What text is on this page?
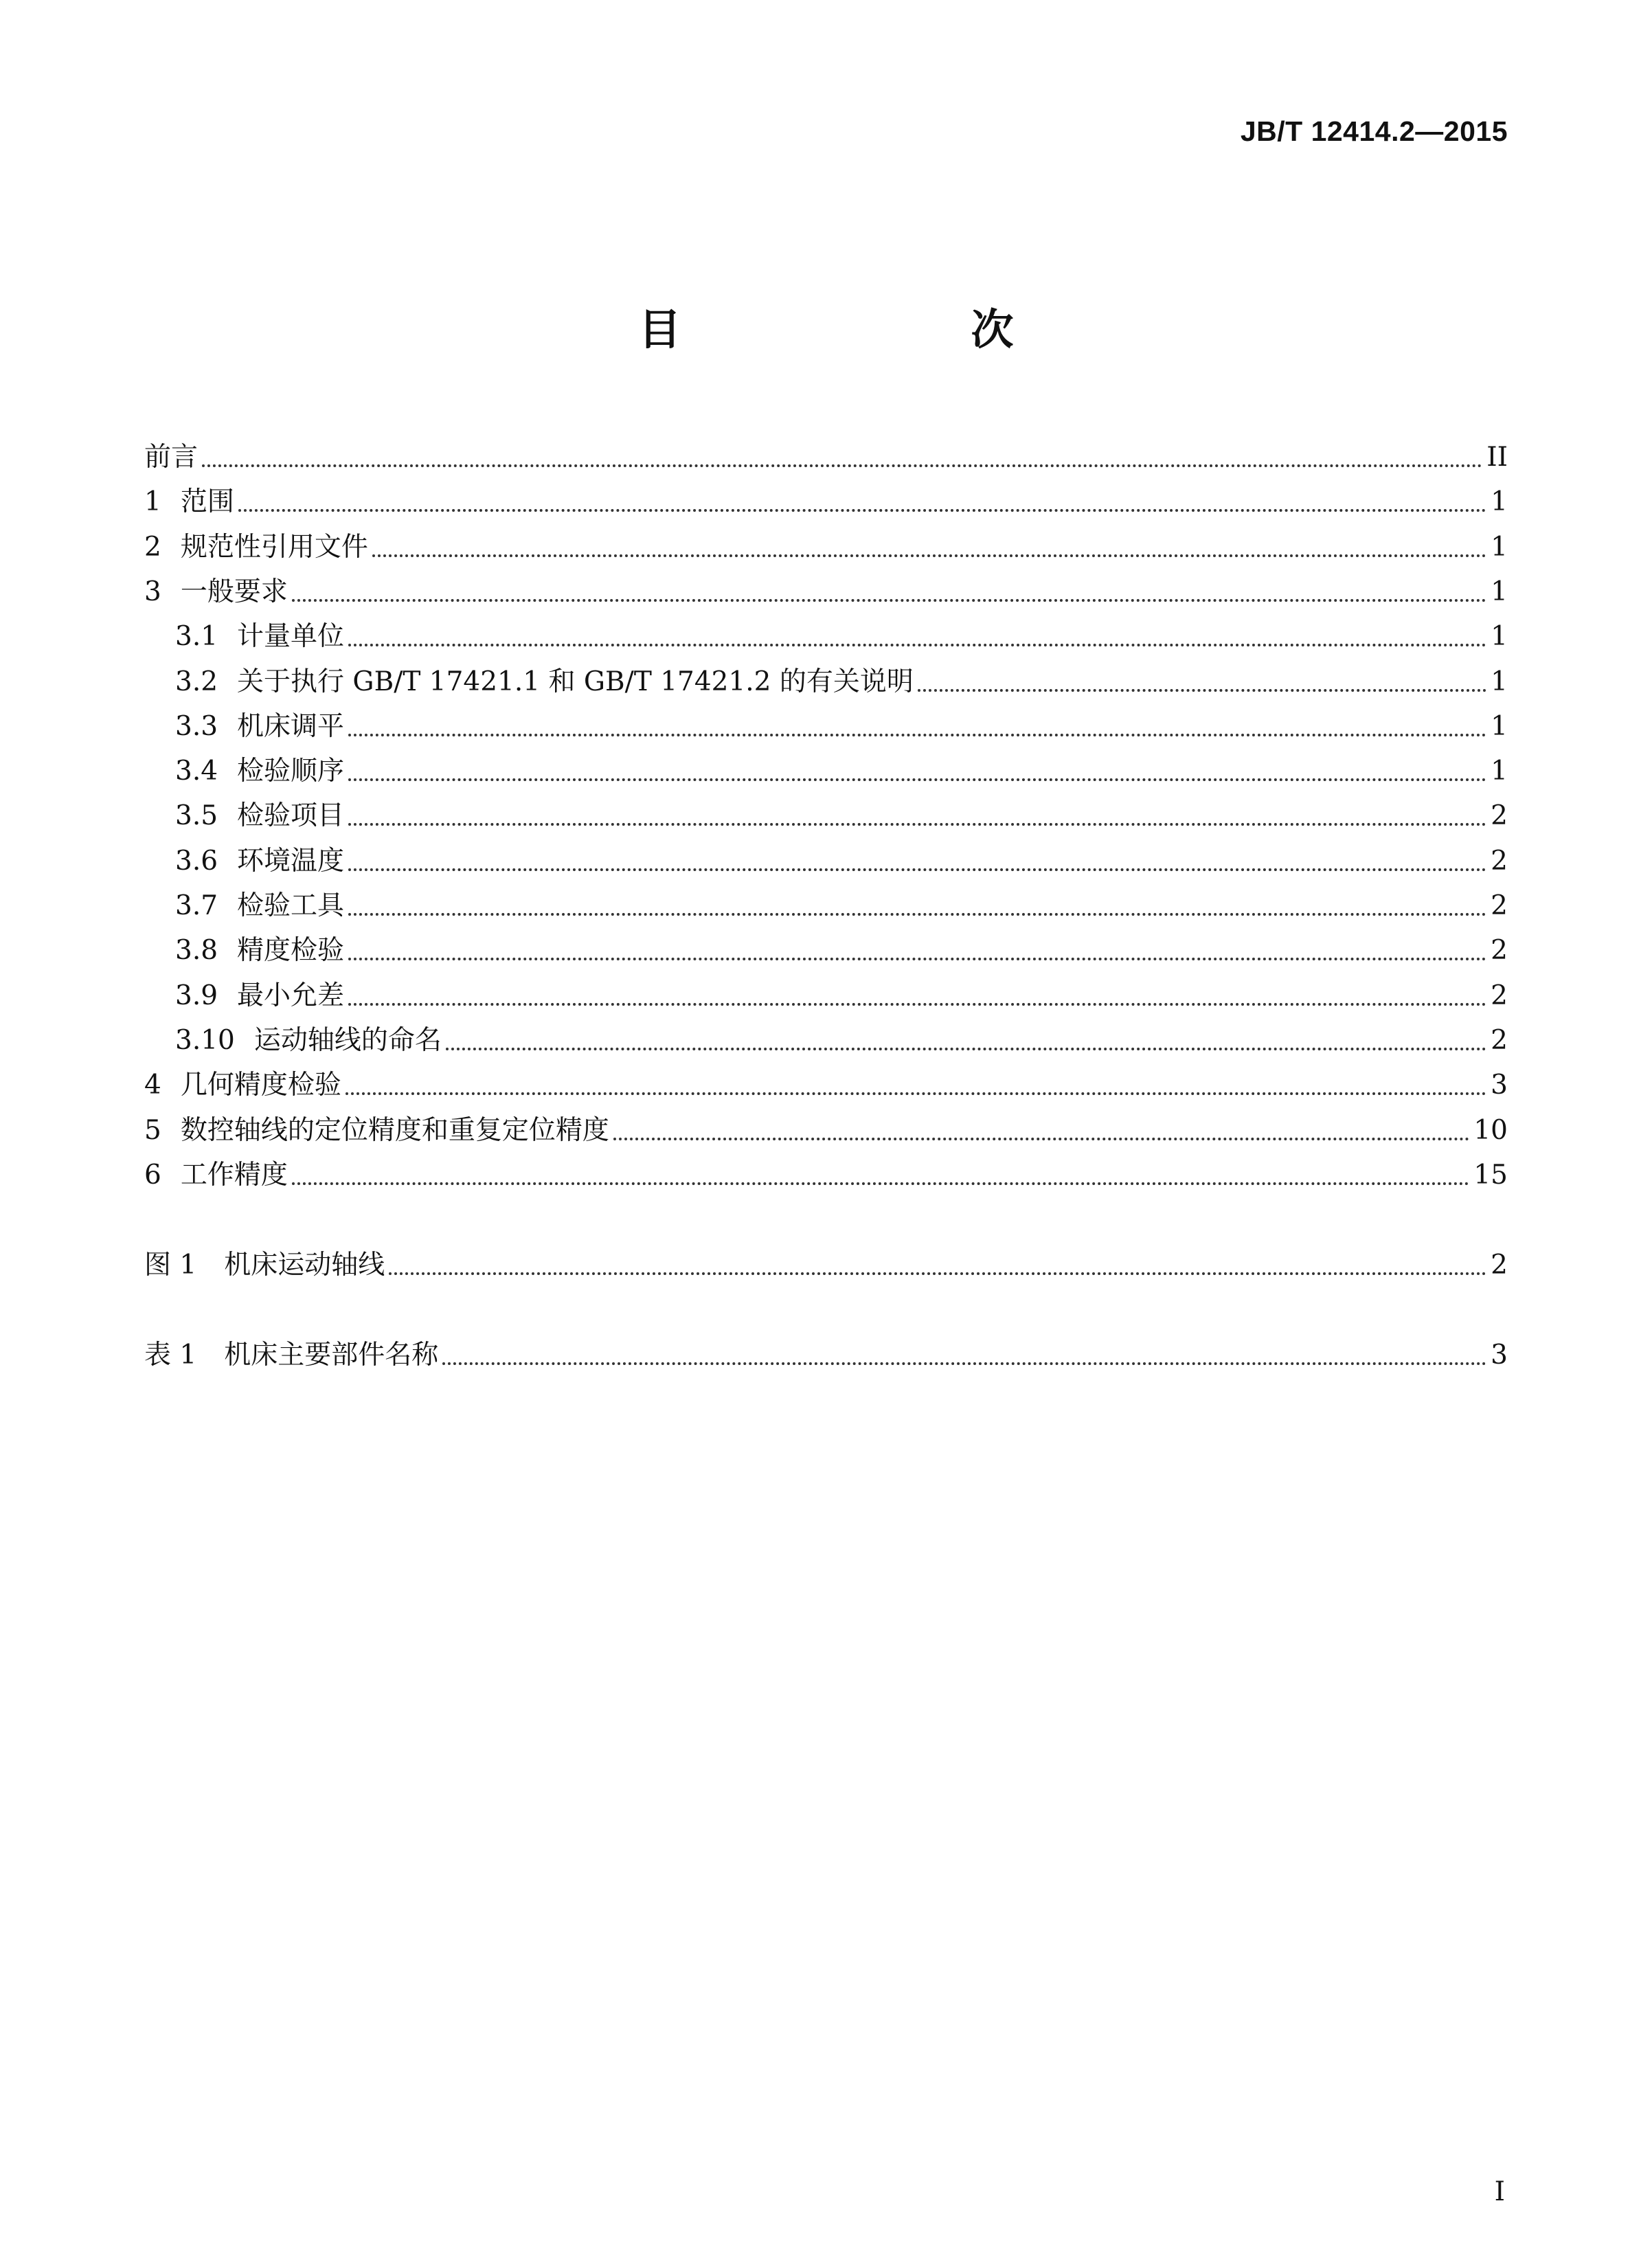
JB/T 12414.2—2015
目　次
前言	II
1 范围	1
2 规范性引用文件	1
3 一般要求	1
3.1 计量单位	1
3.2 关于执行 GB/T 17421.1 和 GB/T 17421.2 的有关说明	1
3.3 机床调平	1
3.4 检验顺序	1
3.5 检验项目	2
3.6 环境温度	2
3.7 检验工具	2
3.8 精度检验	2
3.9 最小允差	2
3.10 运动轴线的命名	2
4 几何精度检验	3
5 数控轴线的定位精度和重复定位精度	10
6 工作精度	15
图 1	机床运动轴线	2
表 1	机床主要部件名称	3
I
